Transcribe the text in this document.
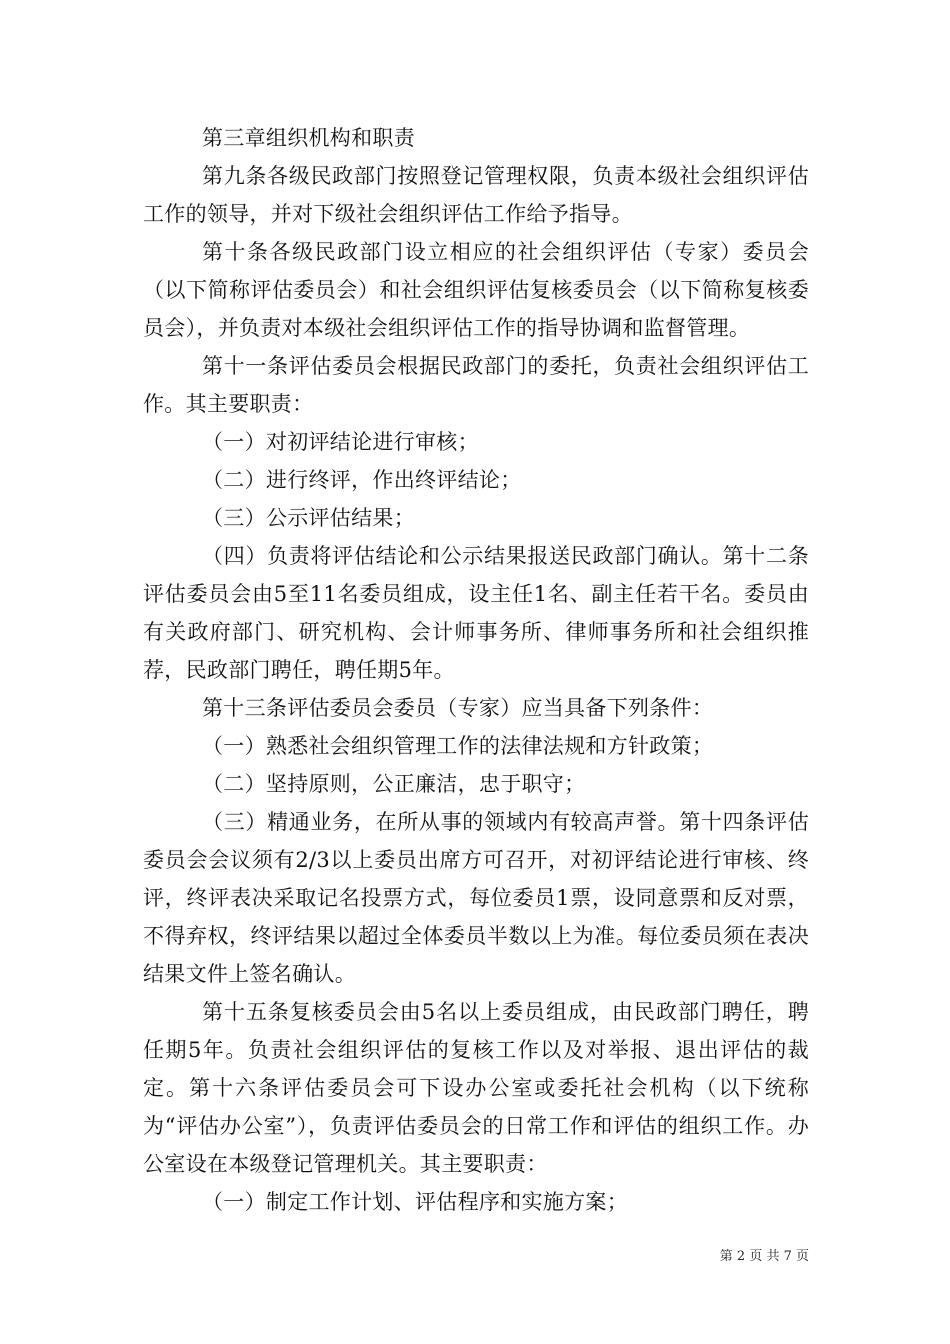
第三章组织机构和职责

第九条各级民政部门按照登记管理权限，负责本级社会组织评估工作的领导，并对下级社会组织评估工作给予指导。

第十条各级民政部门设立相应的社会组织评估（专家）委员会（以下简称评估委员会）和社会组织评估复核委员会（以下简称复核委员会），并负责对本级社会组织评估工作的指导协调和监督管理。

第十一条评估委员会根据民政部门的委托，负责社会组织评估工作。其主要职责：

（一）对初评结论进行审核；

（二）进行终评，作出终评结论；

（三）公示评估结果；

（四）负责将评估结论和公示结果报送民政部门确认。第十二条评估委员会由5至11名委员组成，设主任1名、副主任若干名。委员由有关政府部门、研究机构、会计师事务所、律师事务所和社会组织推荐，民政部门聘任，聘任期5年。

第十三条评估委员会委员（专家）应当具备下列条件：

（一）熟悉社会组织管理工作的法律法规和方针政策；

（二）坚持原则，公正廉洁，忠于职守；

（三）精通业务，在所从事的领域内有较高声誉。第十四条评估委员会会议须有2/3以上委员出席方可召开，对初评结论进行审核、终评，终评表决采取记名投票方式，每位委员1票，设同意票和反对票，不得弃权，终评结果以超过全体委员半数以上为准。每位委员须在表决结果文件上签名确认。

第十五条复核委员会由5名以上委员组成，由民政部门聘任，聘任期5年。负责社会组织评估的复核工作以及对举报、退出评估的裁定。第十六条评估委员会可下设办公室或委托社会机构（以下统称为“评估办公室”），负责评估委员会的日常工作和评估的组织工作。办公室设在本级登记管理机关。其主要职责：

（一）制定工作计划、评估程序和实施方案；

第 2 页 共 7 页
